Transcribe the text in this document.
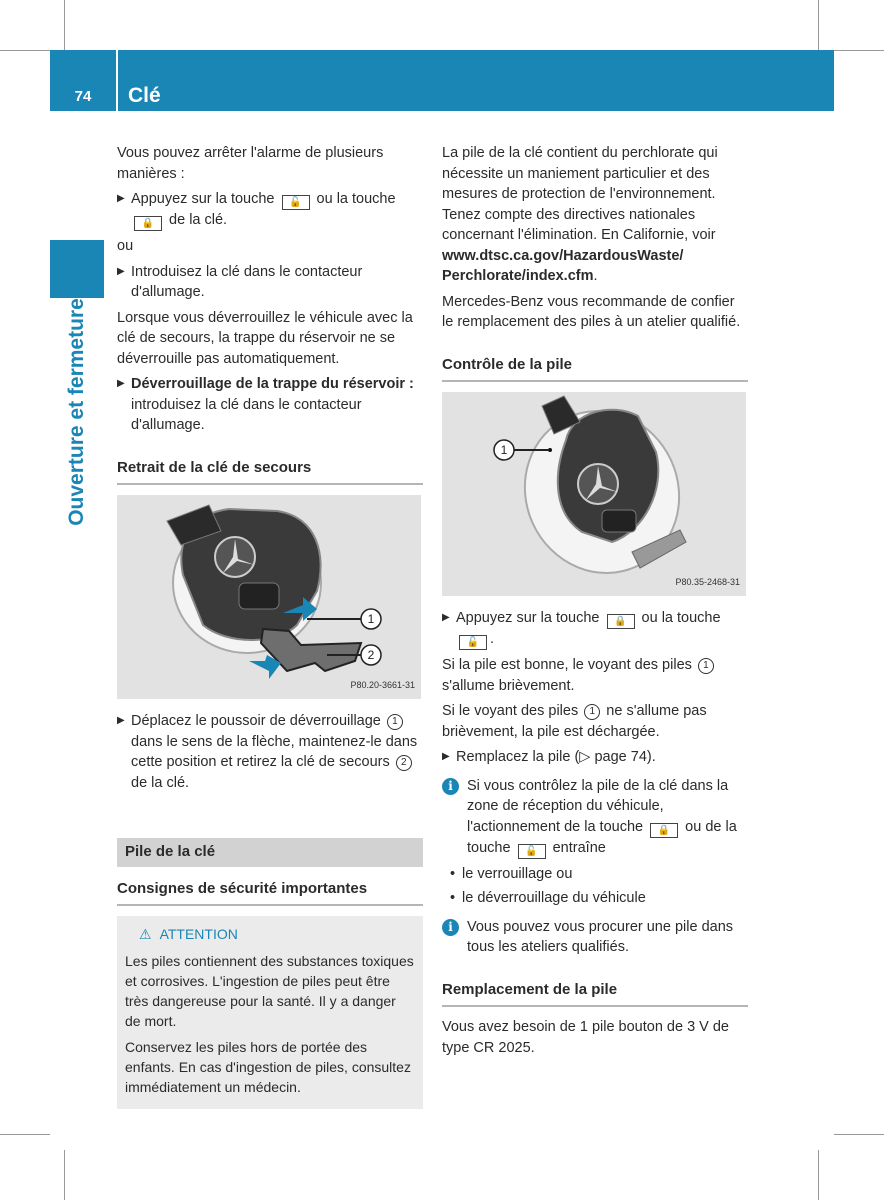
74	Clé
Ouverture et fermeture

Vous pouvez arrêter l'alarme de plusieurs manières :

▶ Appuyez sur la touche 🔓 ou la touche 🔒 de la clé.

ou

▶ Introduisez la clé dans le contacteur d'allumage.

Lorsque vous déverrouillez le véhicule avec la clé de secours, la trappe du réservoir ne se déverrouille pas automatiquement.

▶ Déverrouillage de la trappe du réservoir : introduisez la clé dans le contacteur d'allumage.
Retrait de la clé de secours
1
2
P80.20-3661-31
▶ Déplacez le poussoir de déverrouillage 1 dans le sens de la flèche, maintenez-le dans cette position et retirez la clé de secours 2 de la clé.
Pile de la clé
Consignes de sécurité importantes
⚠ ATTENTION

Les piles contiennent des substances toxiques et corrosives. L'ingestion de piles peut être très dangereuse pour la santé. Il y a danger de mort.

Conservez les piles hors de portée des enfants. En cas d'ingestion de piles, consultez immédiatement un médecin.

La pile de la clé contient du perchlorate qui nécessite un maniement particulier et des mesures de protection de l'environnement. Tenez compte des directives nationales concernant l'élimination. En Californie, voir www.dtsc.ca.gov/HazardousWaste/ Perchlorate/index.cfm.

Mercedes-Benz vous recommande de confier le remplacement des piles à un atelier qualifié.

Contrôle de la pile
1
P80.35-2468-31
▶ Appuyez sur la touche 🔒 ou la touche 🔓 .

Si la pile est bonne, le voyant des piles 1 s'allume brièvement.

Si le voyant des piles 1 ne s'allume pas brièvement, la pile est déchargée.

▶ Remplacez la pile (▷ page 74).
i Si vous contrôlez la pile de la clé dans la zone de réception du véhicule, l'actionnement de la touche 🔒 ou de la touche 🔓 entraîne
• le verrouillage ou
• le déverrouillage du véhicule
i Vous pouvez vous procurer une pile dans tous les ateliers qualifiés.
Remplacement de la pile

Vous avez besoin de 1 pile bouton de 3 V de type CR 2025.
